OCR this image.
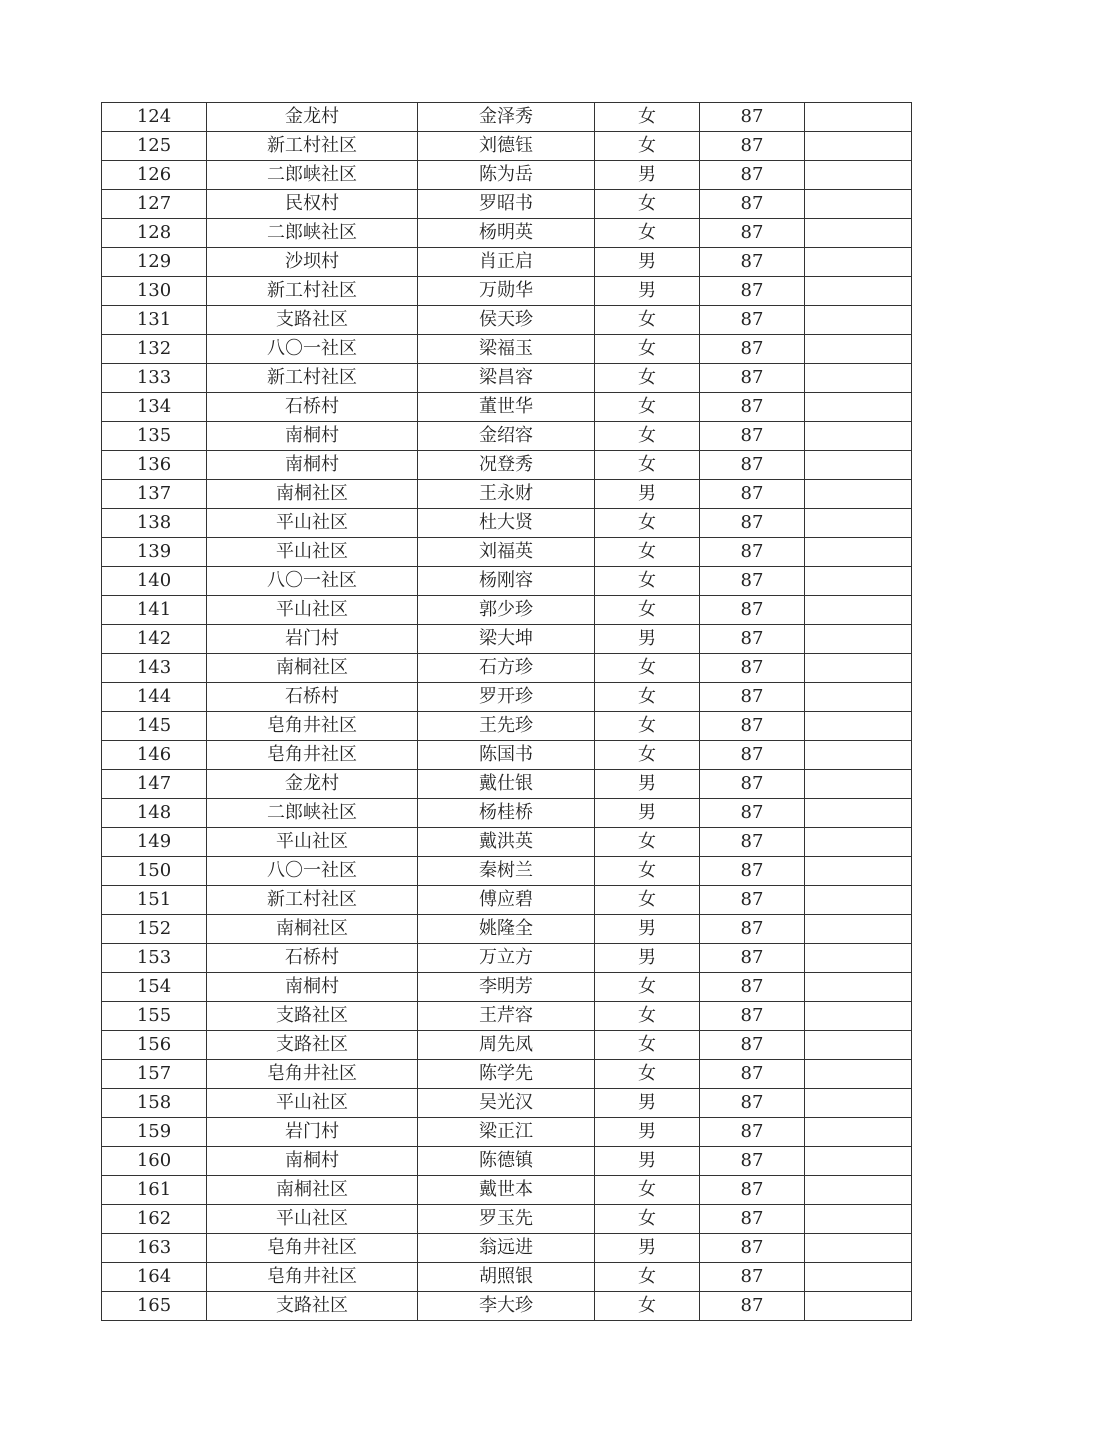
124	金龙村	金泽秀	女	87	
125	新工村社区	刘德钰	女	87	
126	二郎峡社区	陈为岳	男	87	
127	民权村	罗昭书	女	87	
128	二郎峡社区	杨明英	女	87	
129	沙坝村	肖正启	男	87	
130	新工村社区	万勋华	男	87	
131	支路社区	侯天珍	女	87	
132	八〇一社区	梁福玉	女	87	
133	新工村社区	梁昌容	女	87	
134	石桥村	董世华	女	87	
135	南桐村	金绍容	女	87	
136	南桐村	况登秀	女	87	
137	南桐社区	王永财	男	87	
138	平山社区	杜大贤	女	87	
139	平山社区	刘福英	女	87	
140	八〇一社区	杨刚容	女	87	
141	平山社区	郭少珍	女	87	
142	岩门村	梁大坤	男	87	
143	南桐社区	石方珍	女	87	
144	石桥村	罗开珍	女	87	
145	皂角井社区	王先珍	女	87	
146	皂角井社区	陈国书	女	87	
147	金龙村	戴仕银	男	87	
148	二郎峡社区	杨桂桥	男	87	
149	平山社区	戴洪英	女	87	
150	八〇一社区	秦树兰	女	87	
151	新工村社区	傅应碧	女	87	
152	南桐社区	姚隆全	男	87	
153	石桥村	万立方	男	87	
154	南桐村	李明芳	女	87	
155	支路社区	王芹容	女	87	
156	支路社区	周先凤	女	87	
157	皂角井社区	陈学先	女	87	
158	平山社区	吴光汉	男	87	
159	岩门村	梁正江	男	87	
160	南桐村	陈德镇	男	87	
161	南桐社区	戴世本	女	87	
162	平山社区	罗玉先	女	87	
163	皂角井社区	翁远进	男	87	
164	皂角井社区	胡照银	女	87	
165	支路社区	李大珍	女	87	
